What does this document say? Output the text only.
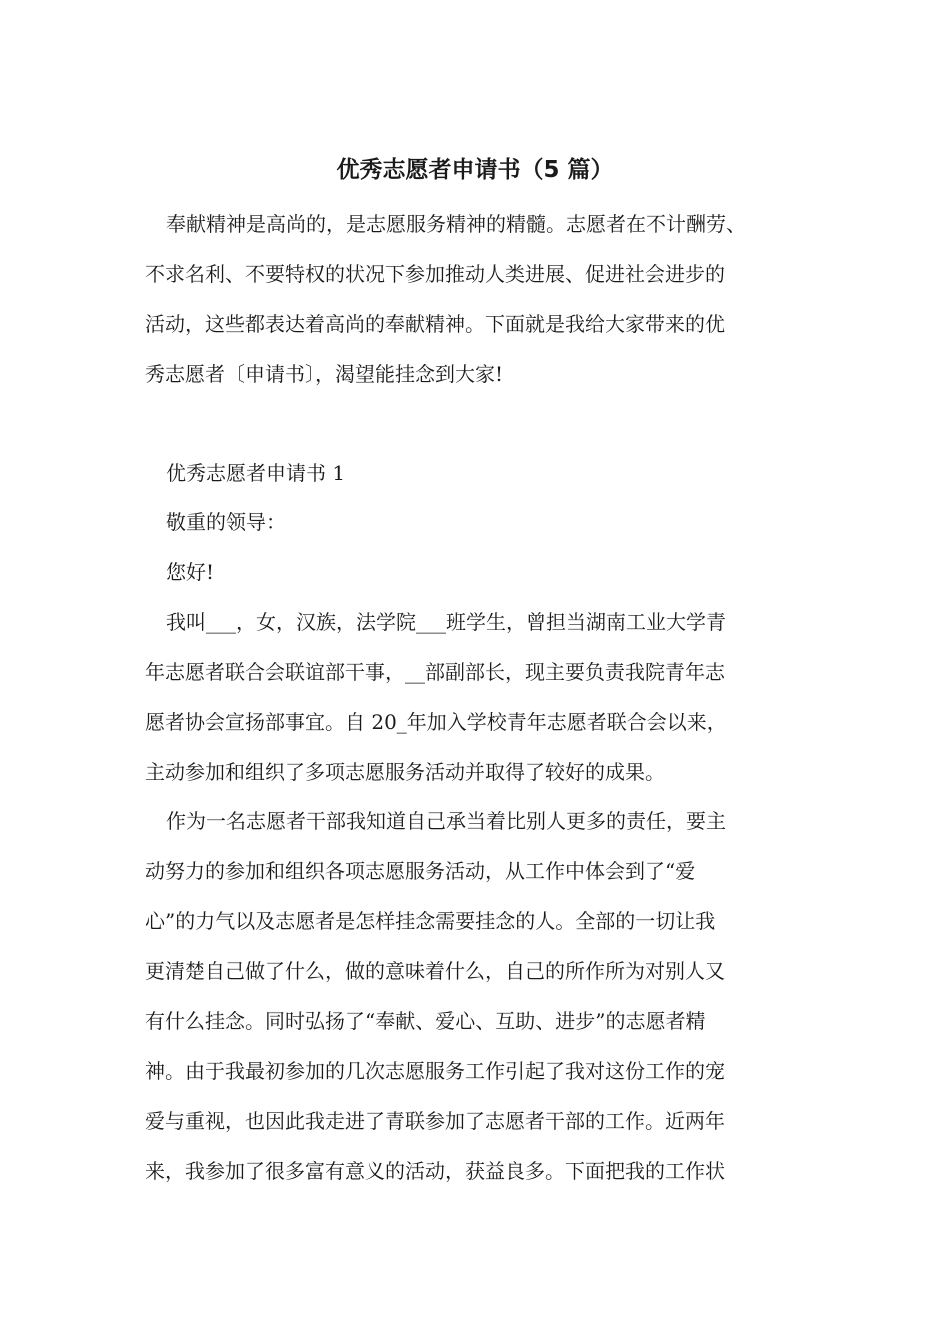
优秀志愿者申请书（5 篇）

奉献精神是高尚的，是志愿服务精神的精髓。志愿者在不计酬劳、

不求名利、不要特权的状况下参加推动人类进展、促进社会进步的

活动，这些都表达着高尚的奉献精神。下面就是我给大家带来的优

秀志愿者〔申请书〕，渴望能挂念到大家!

优秀志愿者申请书 1

敬重的领导：

您好!

我叫___，女，汉族，法学院___班学生，曾担当湖南工业大学青

年志愿者联合会联谊部干事，__部副部长，现主要负责我院青年志

愿者协会宣扬部事宜。自 20_年加入学校青年志愿者联合会以来，

主动参加和组织了多项志愿服务活动并取得了较好的成果。

作为一名志愿者干部我知道自己承当着比别人更多的责任，要主

动努力的参加和组织各项志愿服务活动，从工作中体会到了“爱

心”的力气以及志愿者是怎样挂念需要挂念的人。全部的一切让我

更清楚自己做了什么，做的意味着什么，自己的所作所为对别人又

有什么挂念。同时弘扬了“奉献、爱心、互助、进步”的志愿者精

神。由于我最初参加的几次志愿服务工作引起了我对这份工作的宠

爱与重视，也因此我走进了青联参加了志愿者干部的工作。近两年

来，我参加了很多富有意义的活动，获益良多。下面把我的工作状
